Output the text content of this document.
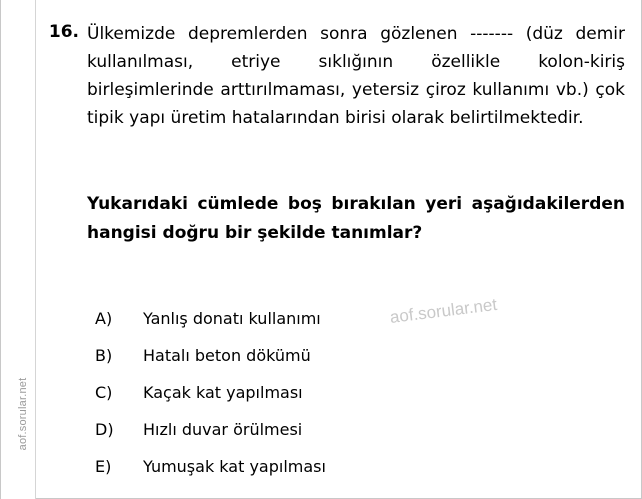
aof.sorular.net
16. Ülkemizde depremlerden sonra gözlenen ------- (düz demir kullanılması, etriye sıklığının özellikle kolon-kiriş birleşimlerinde arttırılmaması, yetersiz çiroz kullanımı vb.) çok tipik yapı üretim hatalarından birisi olarak belirtilmektedir.

Yukarıdaki cümlede boş bırakılan yeri aşağıdakilerden hangisi doğru bir şekilde tanımlar?

A) Yanlış donatı kullanımı
B) Hatalı beton dökümü
C) Kaçak kat yapılması
D) Hızlı duvar örülmesi
E) Yumuşak kat yapılması
aof.sorular.net
